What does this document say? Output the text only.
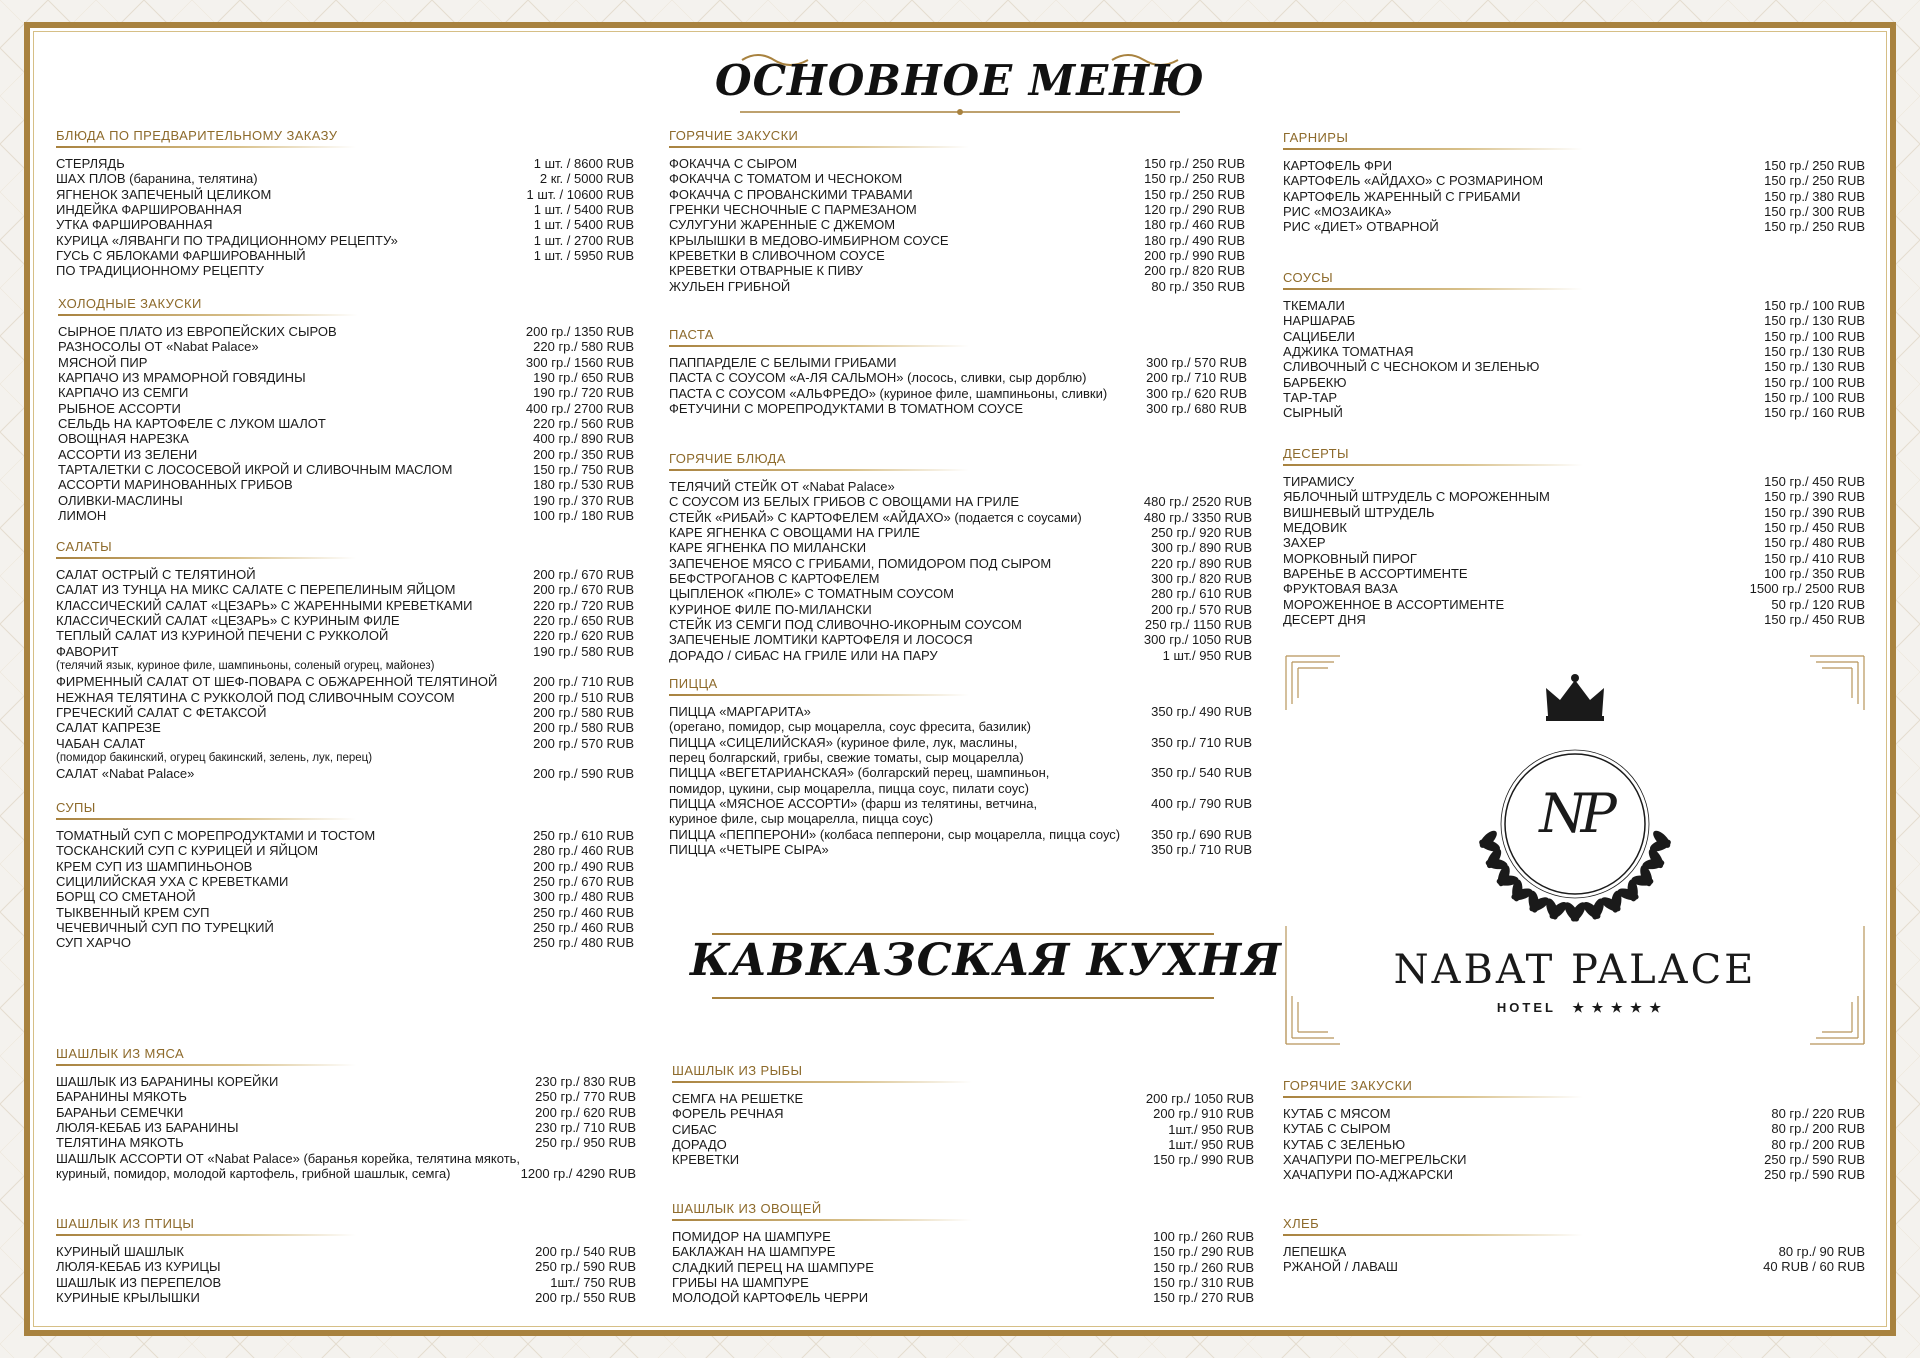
ОСНОВНОЕ МЕНЮ
КАВКАЗСКАЯ КУХНЯ
БЛЮДА ПО ПРЕДВАРИТЕЛЬНОМУ ЗАКАЗУ
СТЕРЛЯДЬ	1 шт. / 8600 RUB
ШАХ ПЛОВ (баранина, телятина)	2 кг. / 5000 RUB
ЯГНЕНОК ЗАПЕЧЕНЫЙ ЦЕЛИКОМ	1 шт. / 10600 RUB
ИНДЕЙКА ФАРШИРОВАННАЯ	1 шт. / 5400 RUB
УТКА ФАРШИРОВАННАЯ	1 шт. / 5400 RUB
КУРИЦА «ЛЯВАНГИ ПО ТРАДИЦИОННОМУ РЕЦЕПТУ»	1 шт. / 2700 RUB
ГУСЬ С ЯБЛОКАМИ ФАРШИРОВАННЫЙ	1 шт. / 5950 RUB
ПО ТРАДИЦИОННОМУ РЕЦЕПТУ
ХОЛОДНЫЕ ЗАКУСКИ
СЫРНОЕ ПЛАТО ИЗ ЕВРОПЕЙСКИХ СЫРОВ	200 гр./ 1350 RUB
РАЗНОСОЛЫ ОТ «Nabat Palace»	220 гр./ 580 RUB
МЯСНОЙ ПИР	300 гр./ 1560 RUB
КАРПАЧО ИЗ МРАМОРНОЙ ГОВЯДИНЫ	190 гр./ 650 RUB
КАРПАЧО ИЗ СЕМГИ	190 гр./ 720 RUB
РЫБНОЕ АССОРТИ	400 гр./ 2700 RUB
СЕЛЬДЬ НА КАРТОФЕЛЕ С ЛУКОМ ШАЛОТ	220 гр./ 560 RUB
ОВОЩНАЯ НАРЕЗКА	400 гр./ 890 RUB
АССОРТИ ИЗ ЗЕЛЕНИ	200 гр./ 350 RUB
ТАРТАЛЕТКИ С ЛОСОСЕВОЙ ИКРОЙ И СЛИВОЧНЫМ МАСЛОМ	150 гр./ 750 RUB
АССОРТИ МАРИНОВАННЫХ ГРИБОВ	180 гр./ 530 RUB
ОЛИВКИ-МАСЛИНЫ	190 гр./ 370 RUB
ЛИМОН	100 гр./ 180 RUB
САЛАТЫ
САЛАТ ОСТРЫЙ С ТЕЛЯТИНОЙ	200 гр./ 670 RUB
САЛАТ ИЗ ТУНЦА НА МИКС САЛАТЕ С ПЕРЕПЕЛИНЫМ ЯЙЦОМ	200 гр./ 670 RUB
КЛАССИЧЕСКИЙ САЛАТ «ЦЕЗАРЬ» С ЖАРЕННЫМИ КРЕВЕТКАМИ	220 гр./ 720 RUB
КЛАССИЧЕСКИЙ САЛАТ «ЦЕЗАРЬ» С КУРИНЫМ ФИЛЕ	220 гр./ 650 RUB
ТЕПЛЫЙ САЛАТ ИЗ КУРИНОЙ ПЕЧЕНИ С РУККОЛОЙ	220 гр./ 620 RUB
ФАВОРИТ	190 гр./ 580 RUB
(телячий язык, куриное филе, шампиньоны, соленый огурец, майонез)
ФИРМЕННЫЙ САЛАТ ОТ ШЕФ-ПОВАРА С ОБЖАРЕННОЙ ТЕЛЯТИНОЙ	200 гр./ 710 RUB
НЕЖНАЯ ТЕЛЯТИНА С РУККОЛОЙ ПОД СЛИВОЧНЫМ СОУСОМ	200 гр./ 510 RUB
ГРЕЧЕСКИЙ САЛАТ С ФЕТАКСОЙ	200 гр./ 580 RUB
САЛАТ КАПРЕЗЕ	200 гр./ 580 RUB
ЧАБАН САЛАТ	200 гр./ 570 RUB
(помидор бакинский, огурец бакинский, зелень, лук, перец)
САЛАТ «Nabat Palace»	200 гр./ 590 RUB
СУПЫ
ТОМАТНЫЙ СУП С МОРЕПРОДУКТАМИ И ТОСТОМ	250 гр./ 610 RUB
ТОСКАНСКИЙ СУП С КУРИЦЕЙ И ЯЙЦОМ	280 гр./ 460 RUB
КРЕМ СУП ИЗ ШАМПИНЬОНОВ	200 гр./ 490 RUB
СИЦИЛИЙСКАЯ УХА С КРЕВЕТКАМИ	250 гр./ 670 RUB
БОРЩ СО СМЕТАНОЙ	300 гр./ 480 RUB
ТЫКВЕННЫЙ КРЕМ СУП	250 гр./ 460 RUB
ЧЕЧЕВИЧНЫЙ СУП ПО ТУРЕЦКИЙ	250 гр./ 460 RUB
СУП ХАРЧО	250 гр./ 480 RUB
ШАШЛЫК ИЗ МЯСА
ШАШЛЫК ИЗ БАРАНИНЫ КОРЕЙКИ	230 гр./ 830 RUB
БАРАНИНЫ МЯКОТЬ	250 гр./ 770 RUB
БАРАНЬИ СЕМЕЧКИ	200 гр./ 620 RUB
ЛЮЛЯ-КЕБАБ ИЗ БАРАНИНЫ	230 гр./ 710 RUB
ТЕЛЯТИНА МЯКОТЬ	250 гр./ 950 RUB
ШАШЛЫК АССОРТИ ОТ «Nabat Palace» (баранья корейка, телятина мякоть,
куриный, помидор, молодой картофель, грибной шашлык, семга)	1200 гр./ 4290 RUB
ШАШЛЫК ИЗ ПТИЦЫ
КУРИНЫЙ ШАШЛЫК	200 гр./ 540 RUB
ЛЮЛЯ-КЕБАБ ИЗ КУРИЦЫ	250 гр./ 590 RUB
ШАШЛЫК ИЗ ПЕРЕПЕЛОВ	1шт./ 750 RUB
КУРИНЫЕ КРЫЛЫШКИ	200 гр./ 550 RUB
ГОРЯЧИЕ ЗАКУСКИ
ФОКАЧЧА С СЫРОМ	150 гр./ 250 RUB
ФОКАЧЧА С ТОМАТОМ И ЧЕСНОКОМ	150 гр./ 250 RUB
ФОКАЧЧА С ПРОВАНСКИМИ ТРАВАМИ	150 гр./ 250 RUB
ГРЕНКИ ЧЕСНОЧНЫЕ С ПАРМЕЗАНОМ	120 гр./ 290 RUB
СУЛУГУНИ ЖАРЕННЫЕ С ДЖЕМОМ	180 гр./ 460 RUB
КРЫЛЫШКИ В МЕДОВО-ИМБИРНОМ СОУСЕ	180 гр./ 490 RUB
КРЕВЕТКИ В СЛИВОЧНОМ СОУСЕ	200 гр./ 990 RUB
КРЕВЕТКИ ОТВАРНЫЕ К ПИВУ	200 гр./ 820 RUB
ЖУЛЬЕН ГРИБНОЙ	80 гр./ 350 RUB
ПАСТА
ПАППАРДЕЛЕ С БЕЛЫМИ ГРИБАМИ	300 гр./ 570 RUB
ПАСТА С СОУСОМ «А-ЛЯ САЛЬМОН» (лосось, сливки, сыр дорблю)	200 гр./ 710 RUB
ПАСТА С СОУСОМ «АЛЬФРЕДО» (куриное филе, шампиньоны, сливки)	300 гр./ 620 RUB
ФЕТУЧИНИ С МОРЕПРОДУКТАМИ В ТОМАТНОМ СОУСЕ	300 гр./ 680 RUB
ГОРЯЧИЕ БЛЮДА
ТЕЛЯЧИЙ СТЕЙК ОТ «Nabat Palace»
С СОУСОМ ИЗ БЕЛЫХ ГРИБОВ С ОВОЩАМИ НА ГРИЛЕ	480 гр./ 2520 RUB
СТЕЙК «РИБАЙ» С КАРТОФЕЛЕМ «АЙДАХО» (подается с соусами)	480 гр./ 3350 RUB
КАРЕ ЯГНЕНКА С ОВОЩАМИ НА ГРИЛЕ	250 гр./ 920 RUB
КАРЕ ЯГНЕНКА ПО МИЛАНСКИ	300 гр./ 890 RUB
ЗАПЕЧЕНОЕ МЯСО С ГРИБАМИ, ПОМИДОРОМ ПОД СЫРОМ	220 гр./ 890 RUB
БЕФСТРОГАНОВ С КАРТОФЕЛЕМ	300 гр./ 820 RUB
ЦЫПЛЕНОК «ПЮЛЕ» С ТОМАТНЫМ СОУСОМ	280 гр./ 610 RUB
КУРИНОЕ ФИЛЕ ПО-МИЛАНСКИ	200 гр./ 570 RUB
СТЕЙК ИЗ СЕМГИ ПОД СЛИВОЧНО-ИКОРНЫМ СОУСОМ	250 гр./ 1150 RUB
ЗАПЕЧЕНЫЕ ЛОМТИКИ КАРТОФЕЛЯ И ЛОСОСЯ	300 гр./ 1050 RUB
ДОРАДО / СИБАС НА ГРИЛЕ ИЛИ НА ПАРУ	1 шт./ 950 RUB
ПИЦЦА
ПИЦЦА «МАРГАРИТА»	350 гр./ 490 RUB
(орегано, помидор, сыр моцарелла, соус фресита, базилик)
ПИЦЦА «СИЦЕЛИЙСКАЯ» (куриное филе, лук, маслины,	350 гр./ 710 RUB
перец болгарский, грибы, свежие томаты, сыр моцарелла)
ПИЦЦА «ВЕГЕТАРИАНСКАЯ» (болгарский перец, шампиньон,	350 гр./ 540 RUB
помидор, цукини, сыр моцарелла, пицца соус, пилати соус)
ПИЦЦА «МЯСНОЕ АССОРТИ» (фарш из телятины, ветчина,	400 гр./ 790 RUB
куриное филе, сыр моцарелла, пицца соус)
ПИЦЦА «ПЕППЕРОНИ» (колбаса пепперони, сыр моцарелла, пицца соус)	350 гр./ 690 RUB
ПИЦЦА «ЧЕТЫРЕ СЫРА»	350 гр./ 710 RUB
ШАШЛЫК ИЗ РЫБЫ
СЕМГА НА РЕШЕТКЕ	200 гр./ 1050 RUB
ФОРЕЛЬ РЕЧНАЯ	200 гр./ 910 RUB
СИБАС	1шт./ 950 RUB
ДОРАДО	1шт./ 950 RUB
КРЕВЕТКИ	150 гр./ 990 RUB
ШАШЛЫК ИЗ ОВОЩЕЙ
ПОМИДОР НА ШАМПУРЕ	100 гр./ 260 RUB
БАКЛАЖАН НА ШАМПУРЕ	150 гр./ 290 RUB
СЛАДКИЙ ПЕРЕЦ НА ШАМПУРЕ	150 гр./ 260 RUB
ГРИБЫ НА ШАМПУРЕ	150 гр./ 310 RUB
МОЛОДОЙ КАРТОФЕЛЬ ЧЕРРИ	150 гр./ 270 RUB
ГАРНИРЫ
КАРТОФЕЛЬ ФРИ	150 гр./ 250 RUB
КАРТОФЕЛЬ «АЙДАХО» С РОЗМАРИНОМ	150 гр./ 250 RUB
КАРТОФЕЛЬ ЖАРЕННЫЙ С ГРИБАМИ	150 гр./ 380 RUB
РИС «МОЗАИКА»	150 гр./ 300 RUB
РИС «ДИЕТ» ОТВАРНОЙ	150 гр./ 250 RUB
СОУСЫ
ТКЕМАЛИ	150 гр./ 100 RUB
НАРШАРАБ	150 гр./ 130 RUB
САЦИБЕЛИ	150 гр./ 100 RUB
АДЖИКА ТОМАТНАЯ	150 гр./ 130 RUB
СЛИВОЧНЫЙ С ЧЕСНОКОМ И ЗЕЛЕНЬЮ	150 гр./ 130 RUB
БАРБЕКЮ	150 гр./ 100 RUB
ТАР-ТАР	150 гр./ 100 RUB
СЫРНЫЙ	150 гр./ 160 RUB
ДЕСЕРТЫ
ТИРАМИСУ	150 гр./ 450 RUB
ЯБЛОЧНЫЙ ШТРУДЕЛЬ С МОРОЖЕННЫМ	150 гр./ 390 RUB
ВИШНЕВЫЙ ШТРУДЕЛЬ	150 гр./ 390 RUB
МЕДОВИК	150 гр./ 450 RUB
ЗАХЕР	150 гр./ 480 RUB
МОРКОВНЫЙ ПИРОГ	150 гр./ 410 RUB
ВАРЕНЬЕ В АССОРТИМЕНТЕ	100 гр./ 350 RUB
ФРУКТОВАЯ ВАЗА	1500 гр./ 2500 RUB
МОРОЖЕННОЕ В АССОРТИМЕНТЕ	50 гр./ 120 RUB
ДЕСЕРТ ДНЯ	150 гр./ 450 RUB
ГОРЯЧИЕ ЗАКУСКИ
КУТАБ С МЯСОМ	80 гр./ 220 RUB
КУТАБ С СЫРОМ	80 гр./ 200 RUB
КУТАБ С ЗЕЛЕНЬЮ	80 гр./ 200 RUB
ХАЧАПУРИ ПО-МЕГРЕЛЬСКИ	250 гр./ 590 RUB
ХАЧАПУРИ ПО-АДЖАРСКИ	250 гр./ 590 RUB
ХЛЕБ
ЛЕПЕШКА	80 гр./ 90 RUB
РЖАНОЙ / ЛАВАШ	40 RUB / 60 RUB
NP
NABAT PALACE
HOTEL ★ ★ ★ ★ ★
